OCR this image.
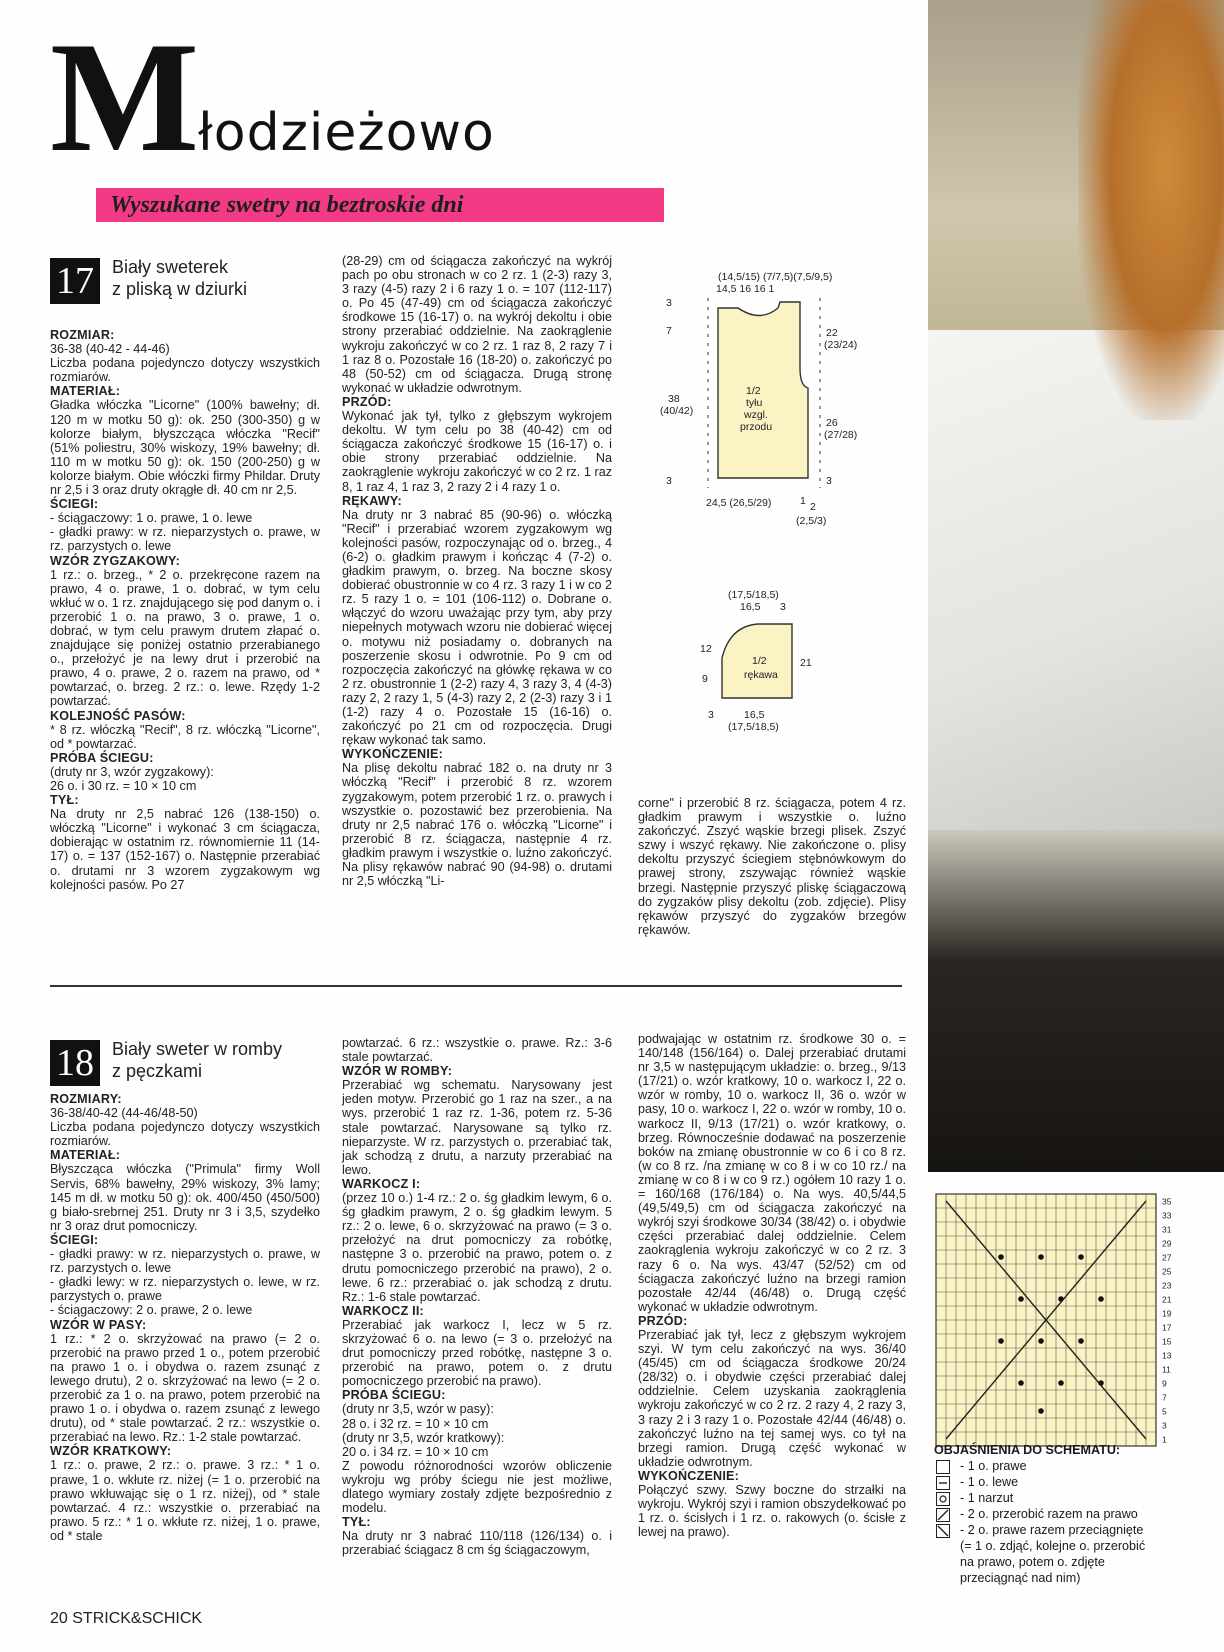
M łodzieżowo
Wyszukane swetry na beztroskie dni
17	Biały sweterek
z pliską w dziurki

ROZMIAR:

36-38 (40-42 - 44-46)

Liczba podana pojedynczo dotyczy wszystkich rozmiarów.

MATERIAŁ:

Gładka włóczka "Licorne" (100% bawełny; dł. 120 m w motku 50 g): ok. 250 (300-350) g w kolorze białym, błyszcząca włóczka "Recif" (51% poliestru, 30% wiskozy, 19% bawełny; dł. 110 m w motku 50 g): ok. 150 (200-250) g w kolorze białym. Obie włóczki firmy Phildar. Druty nr 2,5 i 3 oraz druty okrągłe dł. 40 cm nr 2,5.

ŚCIEGI:

- ściągaczowy: 1 o. prawe, 1 o. lewe

- gładki prawy: w rz. nieparzystych o. prawe, w rz. parzystych o. lewe

WZÓR ZYGZAKOWY:

1 rz.: o. brzeg., * 2 o. przekręcone razem na prawo, 4 o. prawe, 1 o. dobrać, w tym celu wkłuć w o. 1 rz. znajdującego się pod danym o. i przerobić 1 o. na prawo, 3 o. prawe, 1 o. dobrać, w tym celu prawym drutem złapać o. znajdujące się poniżej ostatnio przerabianego o., przełożyć je na lewy drut i przerobić na prawo, 4 o. prawe, 2 o. razem na prawo, od * powtarzać, o. brzeg. 2 rz.: o. lewe. Rzędy 1-2 powtarzać.

KOLEJNOŚĆ PASÓW:

* 8 rz. włóczką "Recif", 8 rz. włóczką "Licorne", od * powtarzać.

PRÓBA ŚCIEGU:

(druty nr 3, wzór zygzakowy):

26 o. i 30 rz. = 10 × 10 cm

TYŁ:

Na druty nr 2,5 nabrać 126 (138-150) o. włóczką "Licorne" i wykonać 3 cm ściągacza, dobierając w ostatnim rz. równomiernie 11 (14-17) o. = 137 (152-167) o. Następnie przerabiać o. drutami nr 3 wzorem zygzakowym wg kolejności pasów. Po 27

(28-29) cm od ściągacza zakończyć na wykrój pach po obu stronach w co 2 rz. 1 (2-3) razy 3, 3 razy (4-5) razy 2 i 6 razy 1 o. = 107 (112-117) o. Po 45 (47-49) cm od ściągacza zakończyć środkowe 15 (16-17) o. na wykrój dekoltu i obie strony przerabiać oddzielnie. Na zaokrąglenie wykroju zakończyć w co 2 rz. 1 raz 8, 2 razy 7 i 1 raz 8 o. Pozostałe 16 (18-20) o. zakończyć po 48 (50-52) cm od ściągacza. Drugą stronę wykonać w układzie odwrotnym.

PRZÓD:

Wykonać jak tył, tylko z głębszym wykrojem dekoltu. W tym celu po 38 (40-42) cm od ściągacza zakończyć środkowe 15 (16-17) o. i obie strony przerabiać oddzielnie. Na zaokrąglenie wykroju zakończyć w co 2 rz. 1 raz 8, 1 raz 4, 1 raz 3, 2 razy 2 i 4 razy 1 o.

RĘKAWY:

Na druty nr 3 nabrać 85 (90-96) o. włóczką "Recif" i przerabiać wzorem zygzakowym wg kolejności pasów, rozpoczynając od o. brzeg., 4 (6-2) o. gładkim prawym i kończąc 4 (7-2) o. gładkim prawym, o. brzeg. Na boczne skosy dobierać obustronnie w co 4 rz. 3 razy 1 i w co 2 rz. 5 razy 1 o. = 101 (106-112) o. Dobrane o. włączyć do wzoru uważając przy tym, aby przy niepełnych motywach wzoru nie dobierać więcej o. motywu niż posiadamy o. dobranych na poszerzenie skosu i odwrotnie. Po 9 cm od rozpoczęcia zakończyć na główkę rękawa w co 2 rz. obustronnie 1 (2-2) razy 4, 3 razy 3, 4 (4-3) razy 2, 2 razy 1, 5 (4-3) razy 2, 2 (2-3) razy 3 i 1 (1-2) razy 4 o. Pozostałe 15 (16-16) o. zakończyć po 21 cm od rozpoczęcia. Drugi rękaw wykonać tak samo.

WYKOŃCZENIE:

Na plisę dekoltu nabrać 182 o. na druty nr 3 włóczką "Recif" i przerobić 8 rz. wzorem zygzakowym, potem przerobić 1 rz. o. prawych i wszystkie o. pozostawić bez przerobienia. Na druty nr 2,5 nabrać 176 o. włóczką "Licorne" i przerobić 8 rz. ściągacza, następnie 4 rz. gładkim prawym i wszystkie o. luźno zakończyć. Na plisy rękawów nabrać 90 (94-98) o. drutami nr 2,5 włóczką "Li-

corne" i przerobić 8 rz. ściągacza, potem 4 rz. gładkim prawym i wszystkie o. luźno zakończyć. Zszyć wąskie brzegi plisek. Zszyć szwy i wszyć rękawy. Nie zakończone o. plisy dekoltu przyszyć ściegiem stębnówkowym do prawej strony, zszywając również wąskie brzegi. Następnie przyszyć pliskę ściągaczową do zygzaków plisy dekoltu (zob. zdjęcie). Plisy rękawów przyszyć do zygzaków brzegów rękawów.

(14,5/15) (7/7,5)(7,5/9,5)
14,5 16 16 1
3
7
38
(40/42)
3
22
(23/24)
26
(27/28)
3
1/2
tyłu
wzgl.
przodu
24,5 (26,5/29)	1 2
(2,5/3)
(17,5/18,5)
16,5 3
12
9
21
1/2
rękawa
3	16,5
(17,5/18,5)
18	Biały sweter w romby
z pęczkami

ROZMIARY:

36-38/40-42 (44-46/48-50)

Liczba podana pojedynczo dotyczy wszystkich rozmiarów.

MATERIAŁ:

Błyszcząca włóczka ("Primula" firmy Woll Servis, 68% bawełny, 29% wiskozy, 3% lamy; 145 m dł. w motku 50 g): ok. 400/450 (450/500) g biało-srebrnej 251. Druty nr 3 i 3,5, szydełko nr 3 oraz drut pomocniczy.

ŚCIEGI:

- gładki prawy: w rz. nieparzystych o. prawe, w rz. parzystych o. lewe

- gładki lewy: w rz. nieparzystych o. lewe, w rz. parzystych o. prawe

- ściągaczowy: 2 o. prawe, 2 o. lewe

WZÓR W PASY:

1 rz.: * 2 o. skrzyżować na prawo (= 2 o. przerobić na prawo przed 1 o., potem przerobić na prawo 1 o. i obydwa o. razem zsunąć z lewego drutu), 2 o. skrzyżować na lewo (= 2 o. przerobić za 1 o. na prawo, potem przerobić na prawo 1 o. i obydwa o. razem zsunąć z lewego drutu), od * stale powtarzać. 2 rz.: wszystkie o. przerabiać na lewo. Rz.: 1-2 stale powtarzać.

WZÓR KRATKOWY:

1 rz.: o. prawe, 2 rz.: o. prawe. 3 rz.: * 1 o. prawe, 1 o. wkłute rz. niżej (= 1 o. przerobić na prawo wkłuwając się o 1 rz. niżej), od * stale powtarzać. 4 rz.: wszystkie o. przerabiać na prawo. 5 rz.: * 1 o. wkłute rz. niżej, 1 o. prawe, od * stale

powtarzać. 6 rz.: wszystkie o. prawe. Rz.: 3-6 stale powtarzać.

WZÓR W ROMBY:

Przerabiać wg schematu. Narysowany jest jeden motyw. Przerobić go 1 raz na szer., a na wys. przerobić 1 raz rz. 1-36, potem rz. 5-36 stale powtarzać. Narysowane są tylko rz. nieparzyste. W rz. parzystych o. przerabiać tak, jak schodzą z drutu, a narzuty przerabiać na lewo.

WARKOCZ I:

(przez 10 o.) 1-4 rz.: 2 o. śg gładkim lewym, 6 o. śg gładkim prawym, 2 o. śg gładkim lewym. 5 rz.: 2 o. lewe, 6 o. skrzyżować na prawo (= 3 o. przełożyć na drut pomocniczy za robótkę, następne 3 o. przerobić na prawo, potem o. z drutu pomocniczego przerobić na prawo), 2 o. lewe. 6 rz.: przerabiać o. jak schodzą z drutu. Rz.: 1-6 stale powtarzać.

WARKOCZ II:

Przerabiać jak warkocz I, lecz w 5 rz. skrzyżować 6 o. na lewo (= 3 o. przełożyć na drut pomocniczy przed robótkę, następne 3 o. przerobić na prawo, potem o. z drutu pomocniczego przerobić na prawo).

PRÓBA ŚCIEGU:

(druty nr 3,5, wzór w pasy):

28 o. i 32 rz. = 10 × 10 cm

(druty nr 3,5, wzór kratkowy):

20 o. i 34 rz. = 10 × 10 cm

Z powodu różnorodności wzorów obliczenie wykroju wg próby ściegu nie jest możliwe, dlatego wymiary zostały zdjęte bezpośrednio z modelu.

TYŁ:

Na druty nr 3 nabrać 110/118 (126/134) o. i przerabiać ściągacz 8 cm śg ściągaczowym,

podwajając w ostatnim rz. środkowe 30 o. = 140/148 (156/164) o. Dalej przerabiać drutami nr 3,5 w następującym układzie: o. brzeg., 9/13 (17/21) o. wzór kratkowy, 10 o. warkocz I, 22 o. wzór w romby, 10 o. warkocz II, 36 o. wzór w pasy, 10 o. warkocz I, 22 o. wzór w romby, 10 o. warkocz II, 9/13 (17/21) o. wzór kratkowy, o. brzeg. Równocześnie dodawać na poszerzenie boków na zmianę obustronnie w co 6 i co 8 rz. (w co 8 rz. /na zmianę w co 8 i w co 10 rz./ na zmianę w co 8 i w co 9 rz.) ogółem 10 razy 1 o. = 160/168 (176/184) o. Na wys. 40,5/44,5 (49,5/49,5) cm od ściągacza zakończyć na wykrój szyi środkowe 30/34 (38/42) o. i obydwie części przerabiać dalej oddzielnie. Celem zaokrąglenia wykroju zakończyć w co 2 rz. 3 razy 6 o. Na wys. 43/47 (52/52) cm od ściągacza zakończyć luźno na brzegi ramion pozostałe 42/44 (46/48) o. Drugą część wykonać w układzie odwrotnym.

PRZÓD:

Przerabiać jak tył, lecz z głębszym wykrojem szyi. W tym celu zakończyć na wys. 36/40 (45/45) cm od ściągacza środkowe 20/24 (28/32) o. i obydwie części przerabiać dalej oddzielnie. Celem uzyskania zaokrąglenia wykroju zakończyć w co 2 rz. 2 razy 4, 2 razy 3, 3 razy 2 i 3 razy 1 o. Pozostałe 42/44 (46/48) o. zakończyć luźno na tej samej wys. co tył na brzegi ramion. Drugą część wykonać w układzie odwrotnym.

WYKOŃCZENIE:

Połączyć szwy. Szwy boczne do strzałki na wykroju. Wykrój szyi i ramion obszydełkować po 1 rz. o. ścisłych i 1 rz. o. rakowych (o. ścisłe z lewej na prawo).

35
33
31
29
27
25
23
21
19
17
15
13
11
9
7
5
3
1
OBJAŚNIENIA DO SCHEMATU:
- 1 o. prawe
- 1 o. lewe
- 1 narzut
- 2 o. przerobić razem na prawo
- 2 o. prawe razem przeciągnięte (= 1 o. zdjąć, kolejne o. przerobić na prawo, potem o. zdjęte przeciągnąć nad nim)
20 STRICK&SCHICK
